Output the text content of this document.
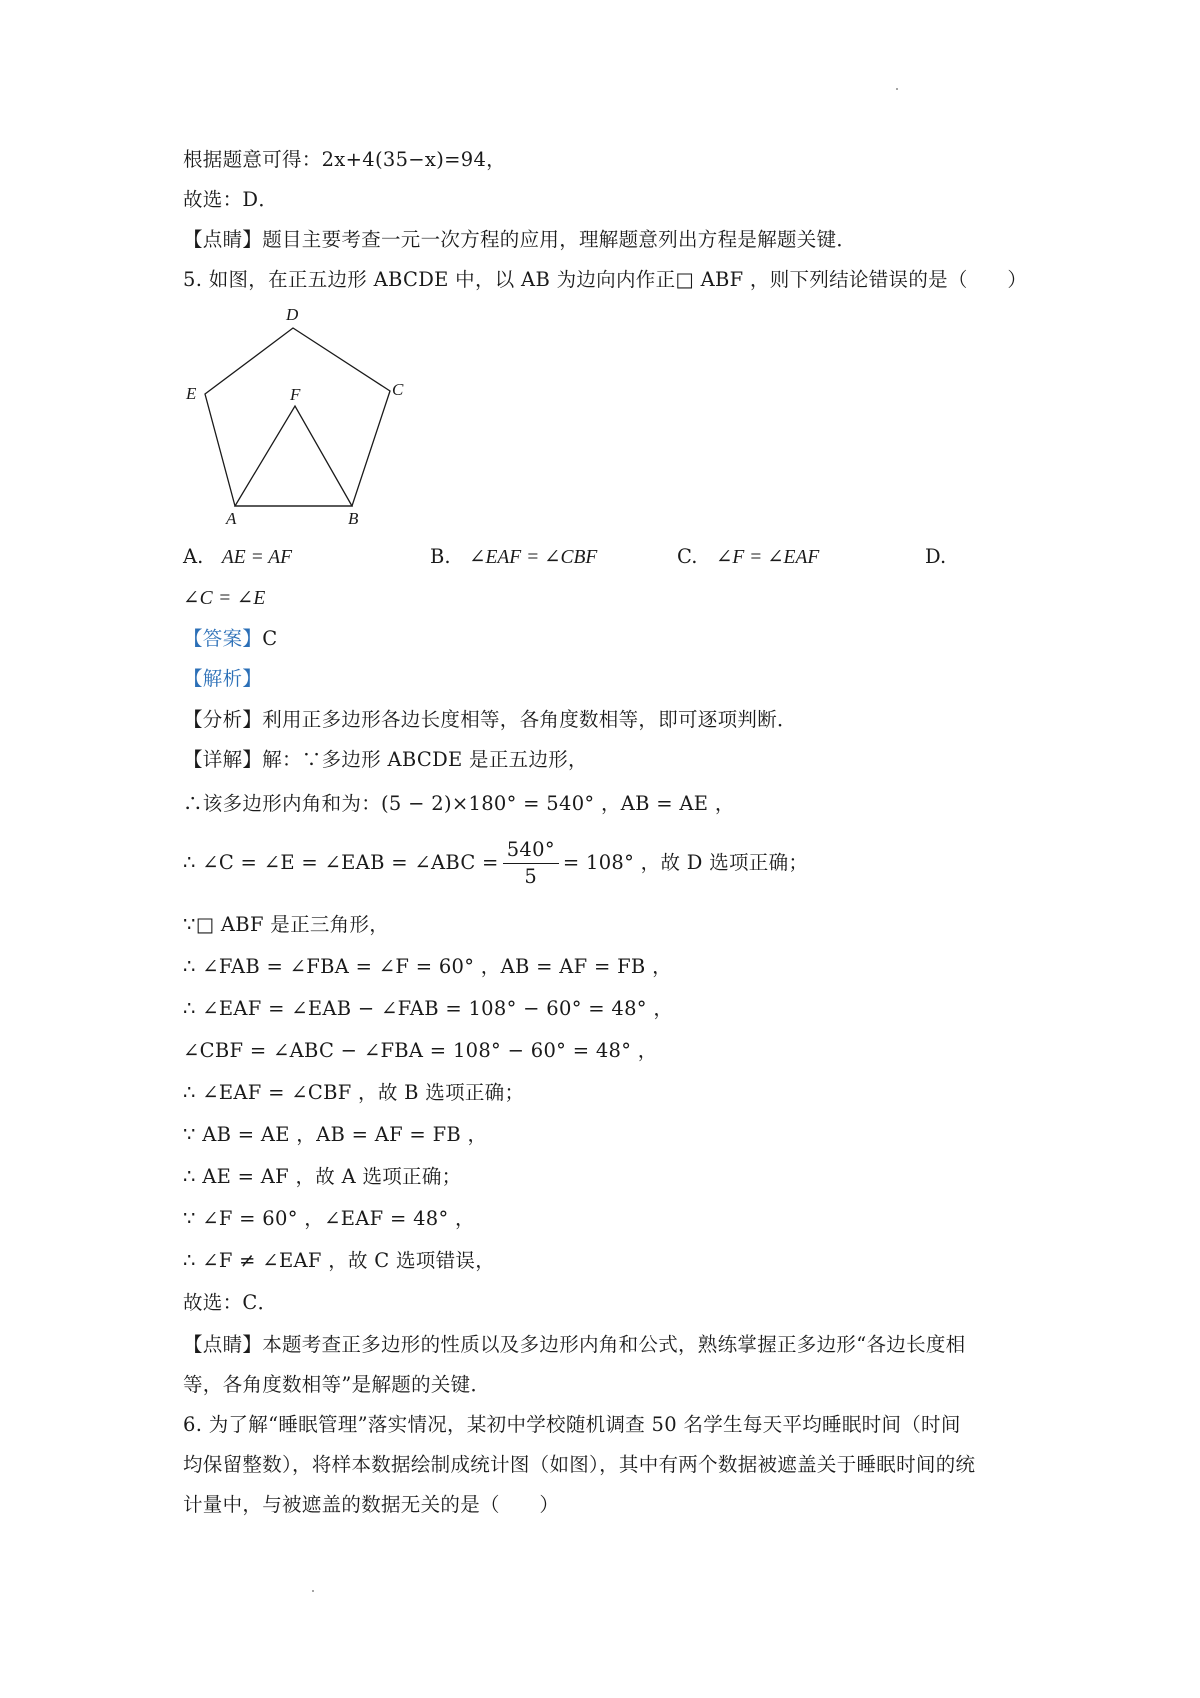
根据题意可得：2x+4(35−x)=94，
故选：D．
【点睛】题目主要考查一元一次方程的应用，理解题意列出方程是解题关键．
5. 如图，在正五边形 ABCDE 中，以 AB 为边向内作正□ ABF ，则下列结论错误的是（　　）
D
E	F	C
A	B
A. AE = AF	B. ∠EAF = ∠CBF	C. ∠F = ∠EAF	D.
∠C = ∠E
【答案】C
【解析】
【分析】利用正多边形各边长度相等，各角度数相等，即可逐项判断．
【详解】解：∵多边形 ABCDE 是正五边形，
∴该多边形内角和为：(5 − 2)×180° = 540° ，AB = AE ，
∴ ∠C = ∠E = ∠EAB = ∠ABC = $\frac{540^\circ}{5} = 108^\circ$ ，故 D 选项正确；
∵□ ABF 是正三角形，
∴ ∠FAB = ∠FBA = ∠F = 60° ，AB = AF = FB ，
∴ ∠EAF = ∠EAB − ∠FAB = 108° − 60° = 48° ，
∠CBF = ∠ABC − ∠FBA = 108° − 60° = 48° ，
∴ ∠EAF = ∠CBF ，故 B 选项正确；
∵ AB = AE ，AB = AF = FB ，
∴ AE = AF ，故 A 选项正确；
∵ ∠F = 60° ，∠EAF = 48° ，
∴ ∠F ≠ ∠EAF ，故 C 选项错误，
故选：C．
【点睛】本题考查正多边形的性质以及多边形内角和公式，熟练掌握正多边形“各边长度相
等，各角度数相等”是解题的关键．
6. 为了解“睡眠管理”落实情况，某初中学校随机调查 50 名学生每天平均睡眠时间（时间
均保留整数），将样本数据绘制成统计图（如图），其中有两个数据被遮盖关于睡眠时间的统
计量中，与被遮盖的数据无关的是（　　）
